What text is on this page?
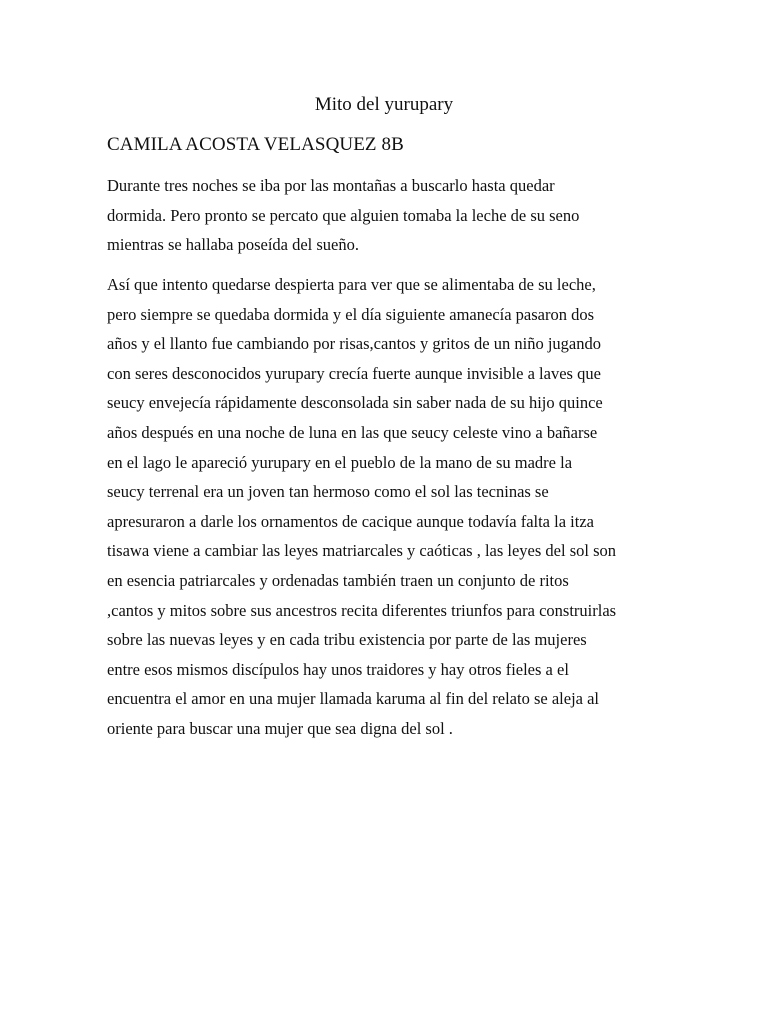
Mito del yurupary
CAMILA ACOSTA VELASQUEZ 8B

Durante tres noches se iba por las montañas a buscarlo hasta quedar
dormida. Pero pronto se percato que alguien tomaba la leche de su seno
mientras se hallaba poseída del sueño.

Así que intento quedarse despierta para ver que se alimentaba de su leche,
pero siempre se quedaba dormida y el día siguiente amanecía pasaron dos
años y el llanto fue cambiando por risas,cantos y gritos de un niño jugando
con seres desconocidos yurupary crecía fuerte aunque invisible a laves que
seucy envejecía rápidamente desconsolada sin saber nada de su hijo quince
años después en una noche de luna en las que seucy celeste vino a bañarse
en el lago le apareció yurupary en el pueblo de la mano de su madre la
seucy terrenal era un joven tan hermoso como el sol las tecninas se
apresuraron a darle los ornamentos de cacique aunque todavía falta la itza
tisawa viene a cambiar las leyes matriarcales y caóticas , las leyes del sol son
en esencia patriarcales y ordenadas también traen un conjunto de ritos
,cantos y mitos sobre sus ancestros recita diferentes triunfos para construirlas
sobre las nuevas leyes y en cada tribu existencia por parte de las mujeres
entre esos mismos discípulos hay unos traidores y hay otros fieles a el
encuentra el amor en una mujer llamada karuma al fin del relato se aleja al
oriente para buscar una mujer que sea digna del sol .
